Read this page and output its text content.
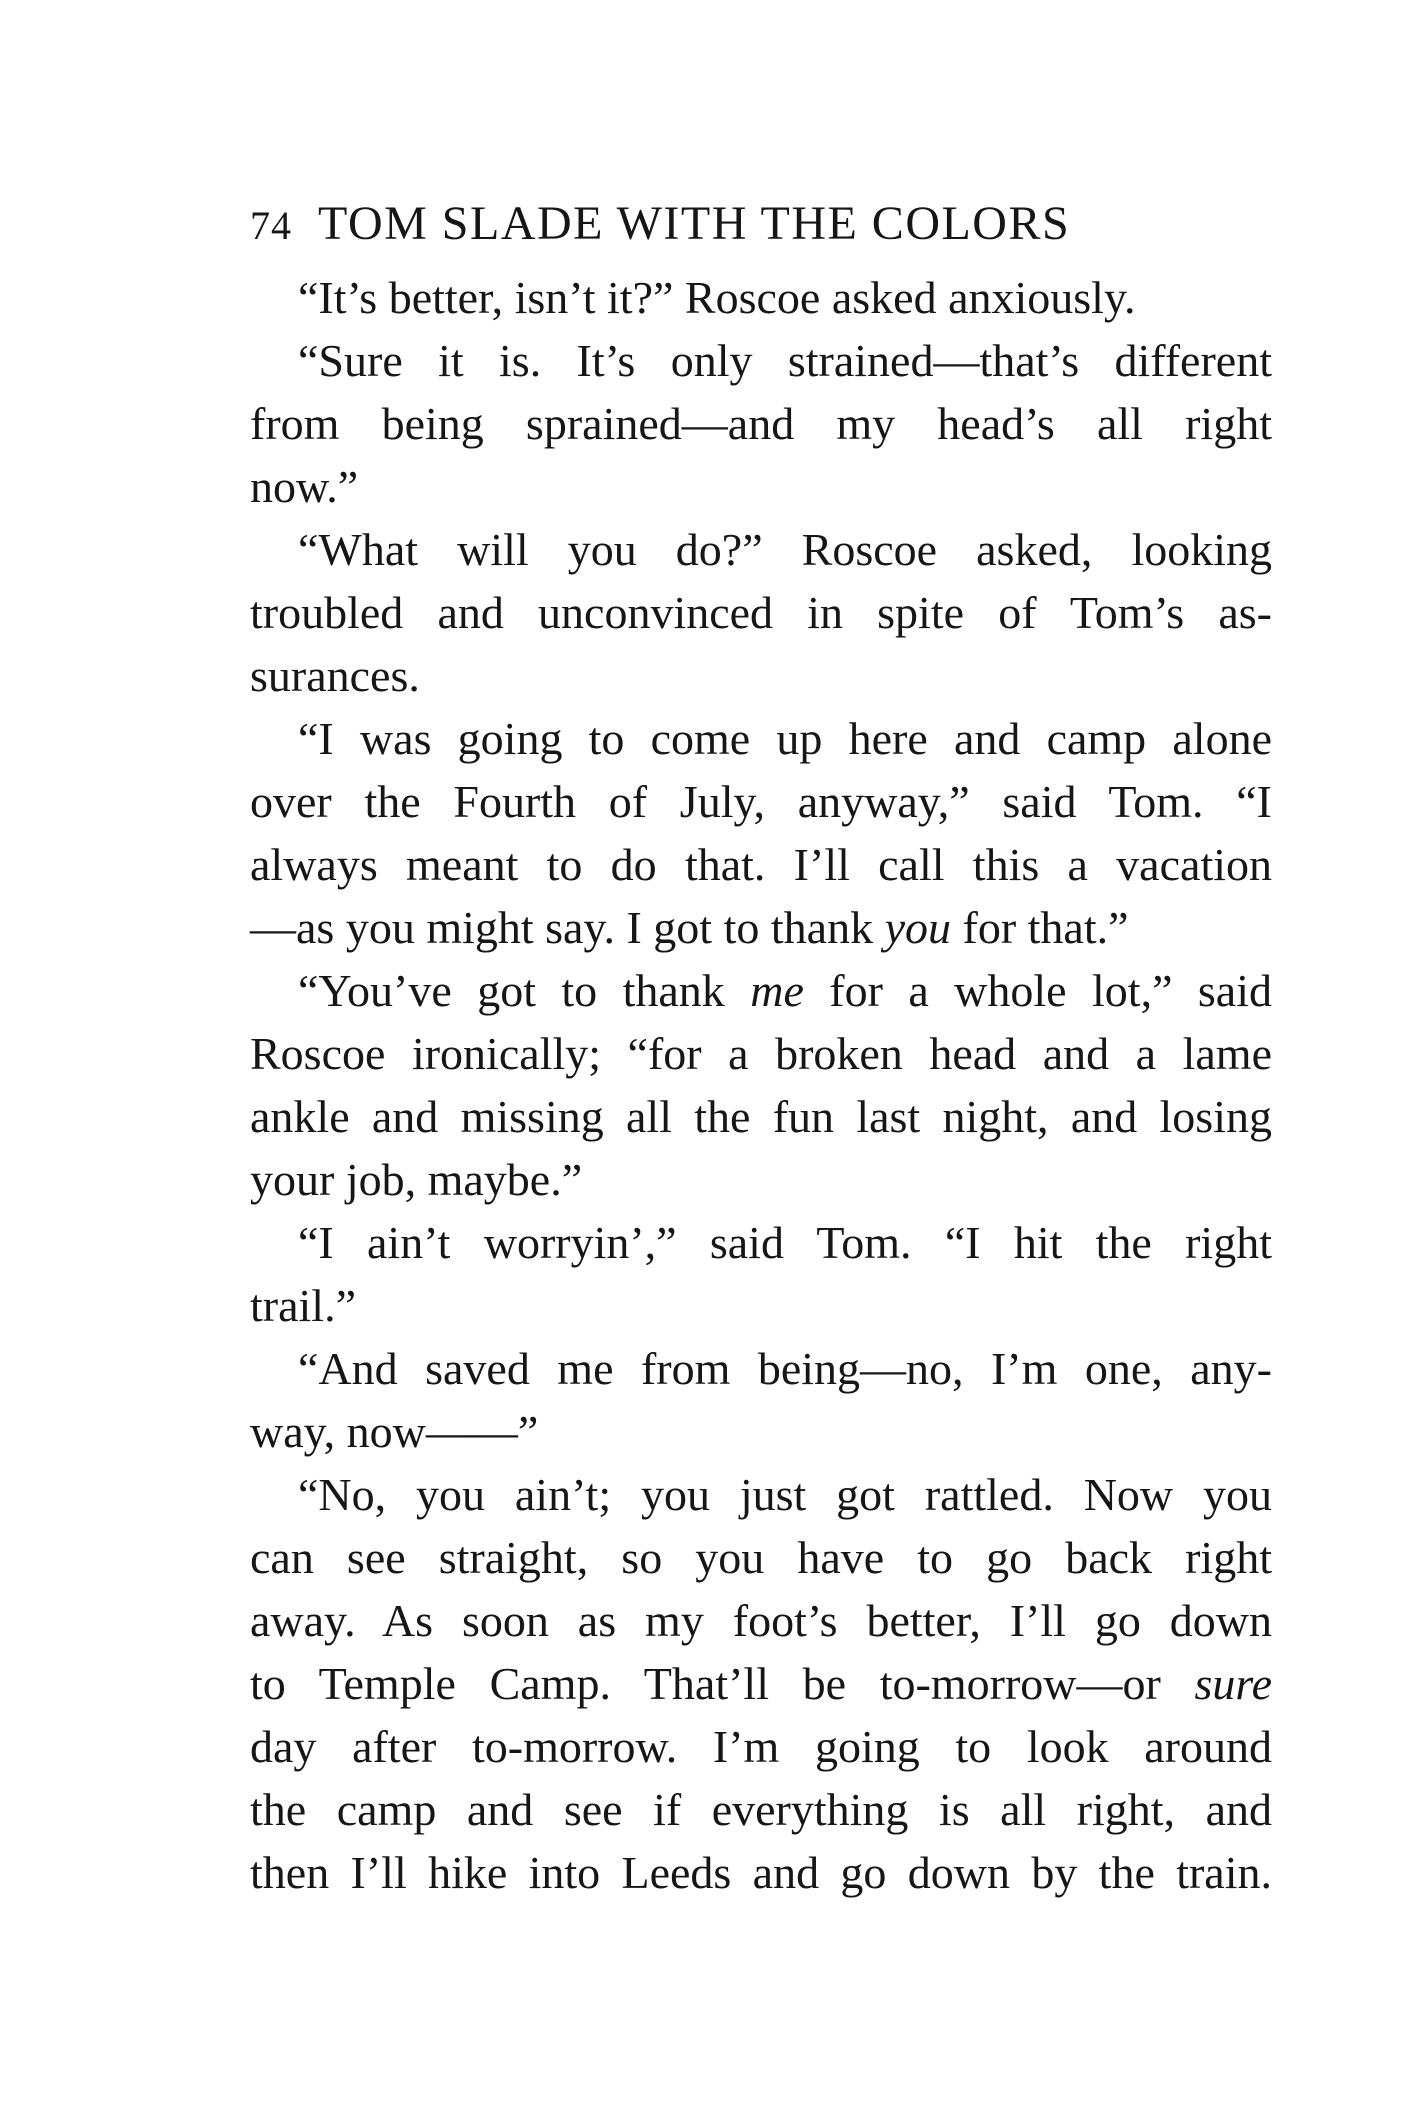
74 TOM SLADE WITH THE COLORS
“It’s better, isn’t it?” Roscoe asked anxiously.
“Sure it is. It’s only strained—that’s different
from being sprained—and my head’s all right
now.”
“What will you do?” Roscoe asked, looking
troubled and unconvinced in spite of Tom’s as-
surances.
“I was going to come up here and camp alone
over the Fourth of July, anyway,” said Tom. “I
always meant to do that. I’ll call this a vacation
—as you might say. I got to thank you for that.”
“You’ve got to thank me for a whole lot,” said
Roscoe ironically; “for a broken head and a lame
ankle and missing all the fun last night, and losing
your job, maybe.”
“I ain’t worryin’,” said Tom. “I hit the right
trail.”
“And saved me from being—no, I’m one, any-
way, now——”
“No, you ain’t; you just got rattled. Now you
can see straight, so you have to go back right
away. As soon as my foot’s better, I’ll go down
to Temple Camp. That’ll be to-morrow—or sure
day after to-morrow. I’m going to look around
the camp and see if everything is all right, and
then I’ll hike into Leeds and go down by the train.
